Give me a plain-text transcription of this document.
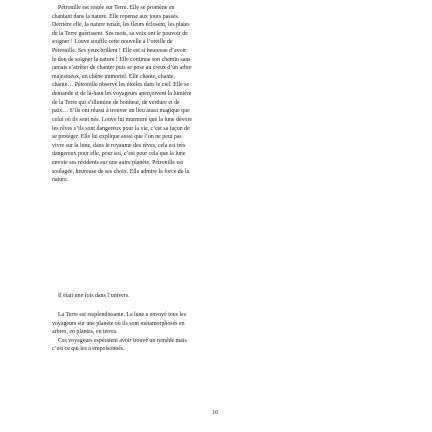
Pétronille est restée sur Terre. Elle se promène en
chantant dans la nature. Elle repense aux jours passés.
Derrière elle, la nature renaît, les fleurs éclosent, les plaies
de la Terre guérissent. Ses mots, sa voix ont le pouvoir de
soigner ! Louve souffle cette nouvelle à l’oreille de
Pétronille. Ses yeux brillent ! Elle est si heureuse d’avoir
le don de soigner la nature ! Elle continue son chemin sans
jamais s’arrêter de chanter puis se pose au creux d’un arbre
majestueux, un chêne immortel. Elle chante, chante,
chante… Pétronille observe les étoiles dans le ciel. Elle se
demande si de là-haut les voyageurs aperçoivent la lumière
de la Terre qui s’illumine de bonheur, de verdure et de
paix… S’ils ont réussi à trouver un lieu aussi magique que
celui où ils sont nés. Louve lui murmure que la lune dévore
les rêves s’ils sont dangereux pour la vie, c’est sa façon de
se protéger. Elle lui explique aussi que l’on ne peut pas
vivre sur la lune, dans le royaume des rêves, cela est très
dangereux pour elle, pour soi, c’est pour cela que la lune
envoie ses résidents sur une autre planète. Pétronille est
soulagée, heureuse de ses choix. Elle admire la force de la
nature.
Il était une fois dans l’univers.
La Terre est resplendissante. La lune a envoyé tous les
voyageurs sur une planète où ils sont métamorphosés en
arbres, en plantes, en terres.
Ces voyageurs espéraient avoir trouvé un remède mais
c’est ce qui les a empoisonnés.
16
